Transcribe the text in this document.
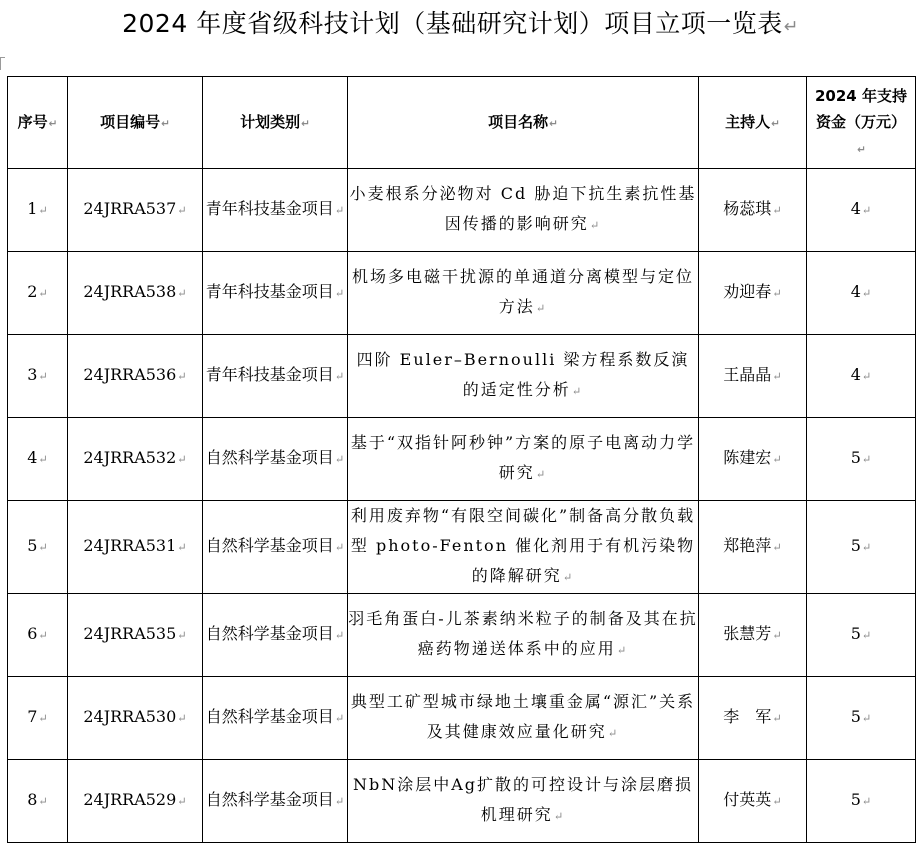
2024 年度省级科技计划（基础研究计划）项目立项一览表↵
序号↵	项目编号↵	计划类别↵	项目名称↵	主持人↵	2024 年支持资金（万元）↵
1↵	24JRRA537↵	青年科技基金项目↵	小麦根系分泌物对 Cd 胁迫下抗生素抗性基因传播的影响研究↵	杨蕊琪↵	4↵
2↵	24JRRA538↵	青年科技基金项目↵	机场多电磁干扰源的单通道分离模型与定位方法↵	劝迎春↵	4↵
3↵	24JRRA536↵	青年科技基金项目↵	四阶 Euler–Bernoulli 梁方程系数反演的适定性分析↵	王晶晶↵	4↵
4↵	24JRRA532↵	自然科学基金项目↵	基于“双指针阿秒钟”方案的原子电离动力学研究↵	陈建宏↵	5↵
5↵	24JRRA531↵	自然科学基金项目↵	利用废弃物“有限空间碳化”制备高分散负载型 photo-Fenton 催化剂用于有机污染物的降解研究↵	郑艳萍↵	5↵
6↵	24JRRA535↵	自然科学基金项目↵	羽毛角蛋白-儿茶素纳米粒子的制备及其在抗癌药物递送体系中的应用↵	张慧芳↵	5↵
7↵	24JRRA530↵	自然科学基金项目↵	典型工矿型城市绿地土壤重金属“源汇”关系及其健康效应量化研究↵	李　军↵	5↵
8↵	24JRRA529↵	自然科学基金项目↵	NbN涂层中Ag扩散的可控设计与涂层磨损机理研究↵	付英英↵	5↵
